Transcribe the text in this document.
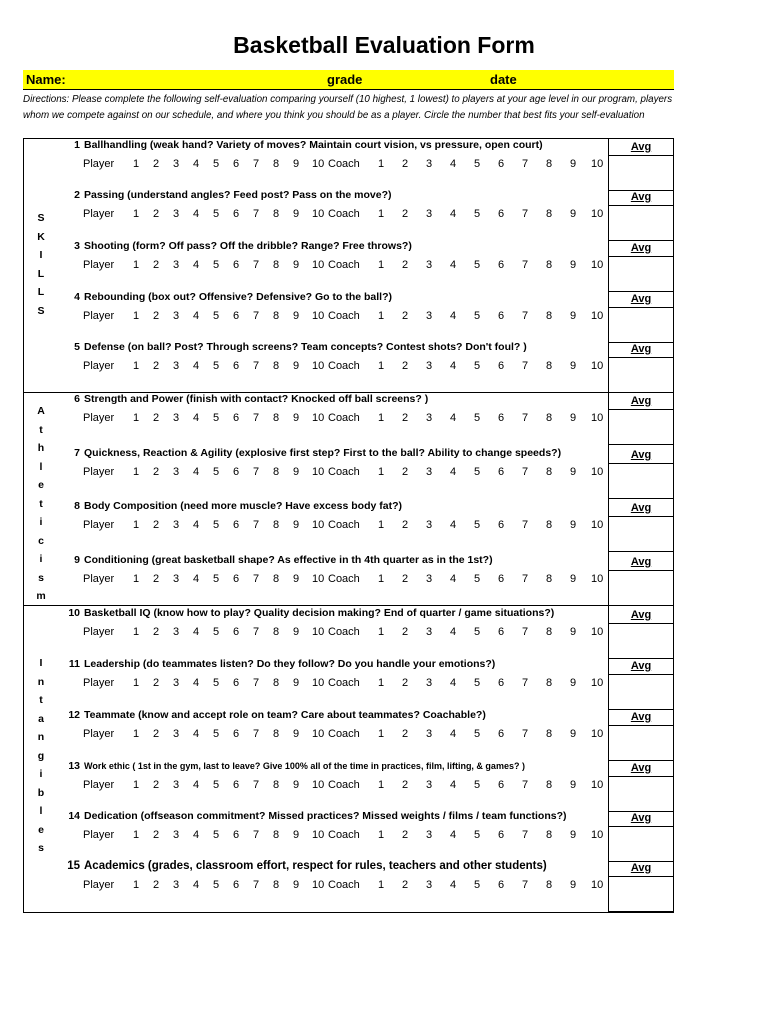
Basketball Evaluation Form
Name:	grade	date
Directions: Please complete the following self-evaluation comparing yourself (10 highest, 1 lowest) to players at your age level in our program, players whom we compete against on our schedule, and where you think you should be as a player. Circle the number that best fits your self-evaluation
S
K
I
L
L
S
A
t
h
l
e
t
i
c
i
s
m
I
n
t
a
n
g
i
b
l
e
s
1 Ballhandling (weak hand? Variety of moves? Maintain court vision, vs pressure, open court)
Player 1 2 3 4 5 6 7 8 9 10 Coach 1 2 3 4 5 6 7 8 9 10
Avg
2 Passing (understand angles? Feed post? Pass on the move?)
Player 1 2 3 4 5 6 7 8 9 10 Coach 1 2 3 4 5 6 7 8 9 10
Avg
3 Shooting (form? Off pass? Off the dribble? Range? Free throws?)
Player 1 2 3 4 5 6 7 8 9 10 Coach 1 2 3 4 5 6 7 8 9 10
Avg
4 Rebounding (box out? Offensive? Defensive? Go to the ball?)
Player 1 2 3 4 5 6 7 8 9 10 Coach 1 2 3 4 5 6 7 8 9 10
Avg
5 Defense (on ball? Post? Through screens? Team concepts? Contest shots? Don't foul? )
Player 1 2 3 4 5 6 7 8 9 10 Coach 1 2 3 4 5 6 7 8 9 10
Avg
6 Strength and Power (finish with contact? Knocked off ball screens? )
Player 1 2 3 4 5 6 7 8 9 10 Coach 1 2 3 4 5 6 7 8 9 10
Avg
7 Quickness, Reaction & Agility (explosive first step? First to the ball? Ability to change speeds?)
Player 1 2 3 4 5 6 7 8 9 10 Coach 1 2 3 4 5 6 7 8 9 10
Avg
8 Body Composition (need more muscle? Have excess body fat?)
Player 1 2 3 4 5 6 7 8 9 10 Coach 1 2 3 4 5 6 7 8 9 10
Avg
9 Conditioning (great basketball shape? As effective in th 4th quarter as in the 1st?)
Player 1 2 3 4 5 6 7 8 9 10 Coach 1 2 3 4 5 6 7 8 9 10
Avg
10 Basketball IQ (know how to play? Quality decision making? End of quarter / game situations?)
Player 1 2 3 4 5 6 7 8 9 10 Coach 1 2 3 4 5 6 7 8 9 10
Avg
11 Leadership (do teammates listen? Do they follow? Do you handle your emotions?)
Player 1 2 3 4 5 6 7 8 9 10 Coach 1 2 3 4 5 6 7 8 9 10
Avg
12 Teammate (know and accept role on team? Care about teammates? Coachable?)
Player 1 2 3 4 5 6 7 8 9 10 Coach 1 2 3 4 5 6 7 8 9 10
Avg
13 Work ethic ( 1st in the gym, last to leave? Give 100% all of the time in practices, film, lifting, & games? )
Player 1 2 3 4 5 6 7 8 9 10 Coach 1 2 3 4 5 6 7 8 9 10
Avg
14 Dedication (offseason commitment? Missed practices? Missed weights / films / team functions?)
Player 1 2 3 4 5 6 7 8 9 10 Coach 1 2 3 4 5 6 7 8 9 10
Avg
15 Academics (grades, classroom effort, respect for rules, teachers and other students)
Player 1 2 3 4 5 6 7 8 9 10 Coach 1 2 3 4 5 6 7 8 9 10
Avg
